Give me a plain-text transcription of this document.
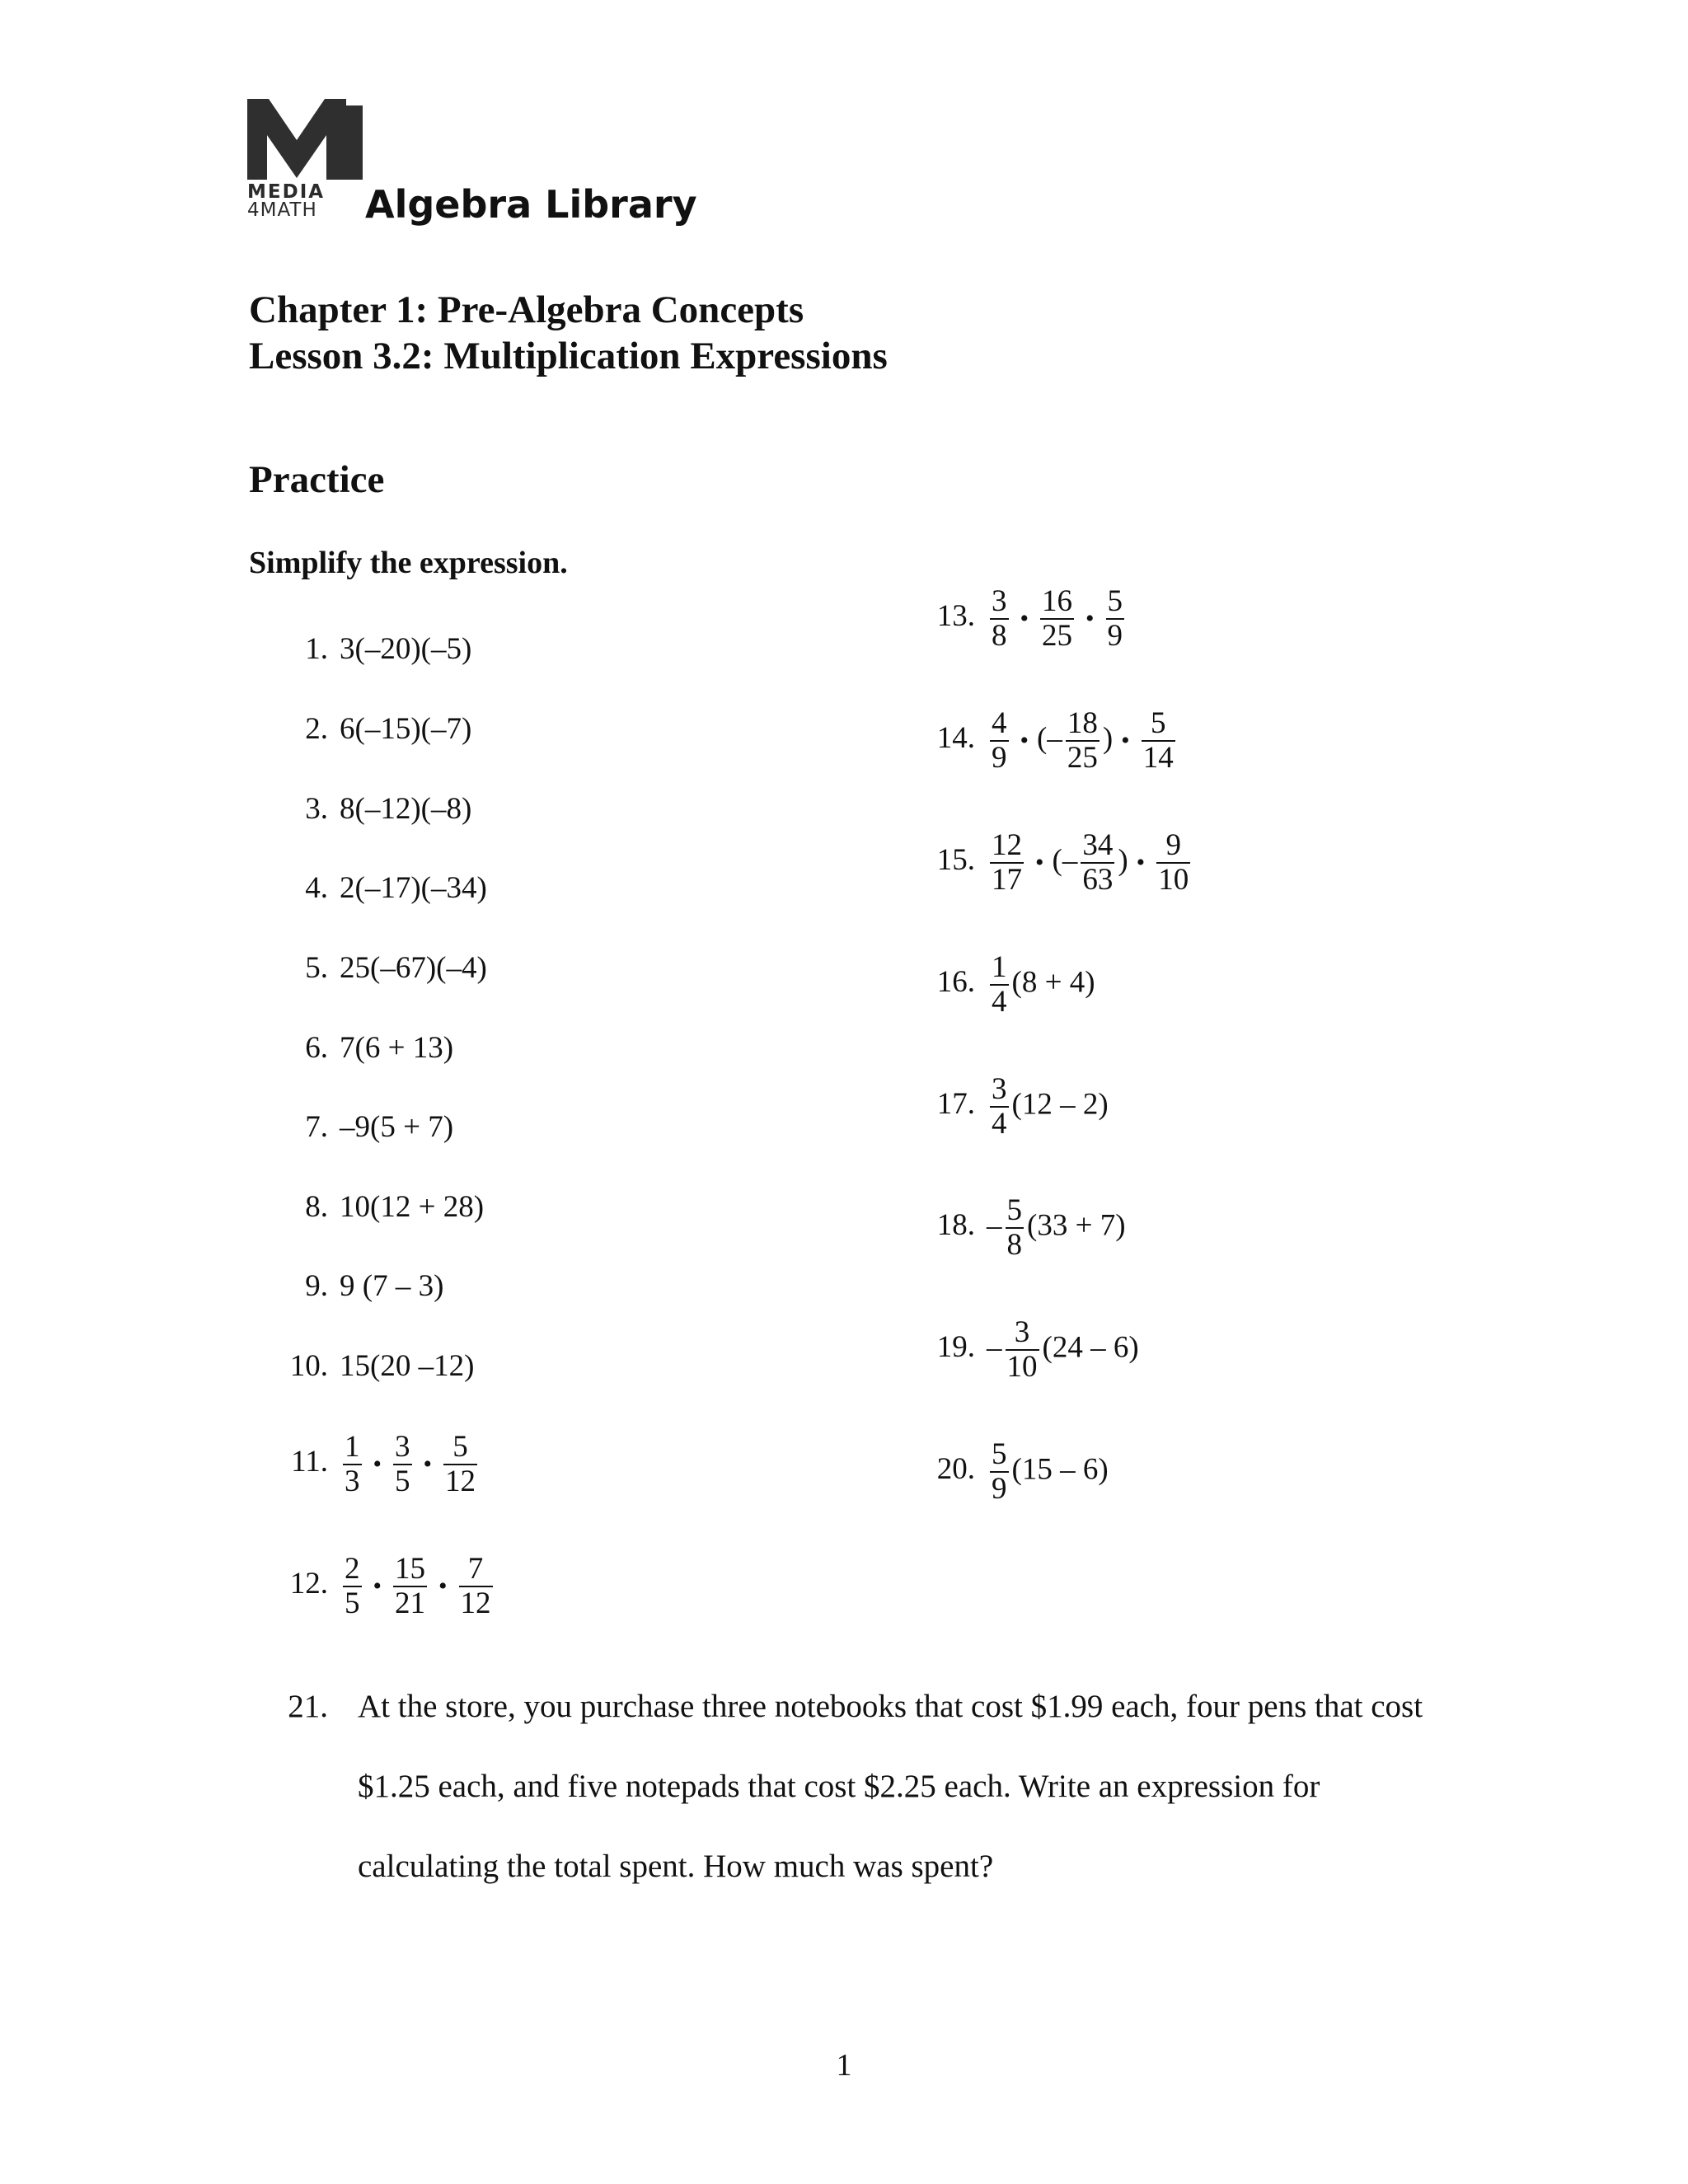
MEDIA
4MATH	Algebra Library
Chapter 1: Pre-Algebra Concepts
Lesson 3.2: Multiplication Expressions
Practice

Simplify the expression.

1. 3(–20)(–5)
2. 6(–15)(–7)
3. 8(–12)(–8)
4. 2(–17)(–34)
5. 25(–67)(–4)
6. 7(6 + 13)
7. –9(5 + 7)
8. 10(12 + 28)
9. 9 (7 – 3)
10. 15(20 –12)
11. $\frac{1}{3}$ • $\frac{3}{5}$ • $\frac{5}{12}$
12. $\frac{2}{5}$ • $\frac{15}{21}$ • $\frac{7}{12}$
13. $\frac{3}{8}$ • $\frac{16}{25}$ • $\frac{5}{9}$
14. $\frac{4}{9}$ • (– $\frac{18}{25}$ ) • $\frac{5}{14}$
15. $\frac{12}{17}$ • (– $\frac{34}{63}$ ) • $\frac{9}{10}$
16. $\frac{1}{4} (8 + 4)$
17. $\frac{3}{4} (12 - 2)$
18. – $\frac{5}{8} (33 + 7)$
19. – $\frac{3}{10} (24 - 6)$
20. $\frac{5}{9} (15 - 6)$
21. At the store, you purchase three notebooks that cost $1.99 each, four pens that cost $1.25 each, and five notepads that cost $2.25 each. Write an expression for calculating the total spent. How much was spent?
1
